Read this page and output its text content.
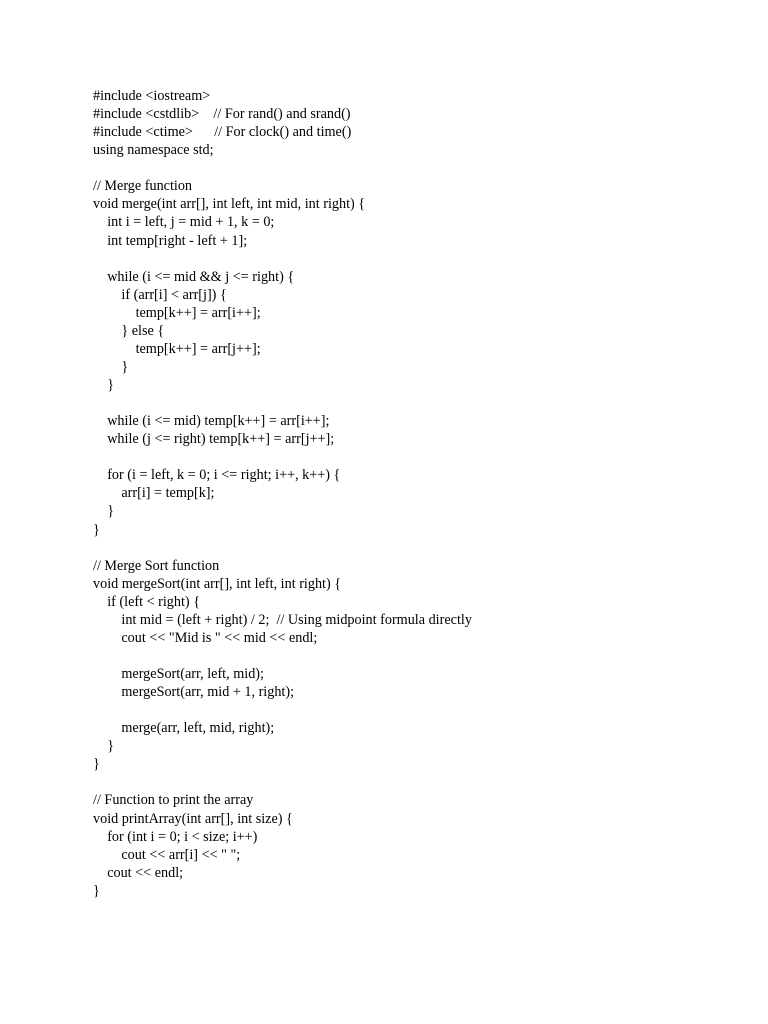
#include <iostream>
#include <cstdlib>    // For rand() and srand()
#include <ctime>      // For clock() and time()
using namespace std;
// Merge function
void merge(int arr[], int left, int mid, int right) {
int i = left, j = mid + 1, k = 0;
int temp[right - left + 1];
while (i <= mid && j <= right) {
if (arr[i] < arr[j]) {
temp[k++] = arr[i++];
} else {
temp[k++] = arr[j++];
}
}
while (i <= mid) temp[k++] = arr[i++];
while (j <= right) temp[k++] = arr[j++];
for (i = left, k = 0; i <= right; i++, k++) {
arr[i] = temp[k];
}
}
// Merge Sort function
void mergeSort(int arr[], int left, int right) {
if (left < right) {
int mid = (left + right) / 2;  // Using midpoint formula directly
cout << "Mid is " << mid << endl;
mergeSort(arr, left, mid);
mergeSort(arr, mid + 1, right);
merge(arr, left, mid, right);
}
}
// Function to print the array
void printArray(int arr[], int size) {
for (int i = 0; i < size; i++)
cout << arr[i] << " ";
cout << endl;
}
